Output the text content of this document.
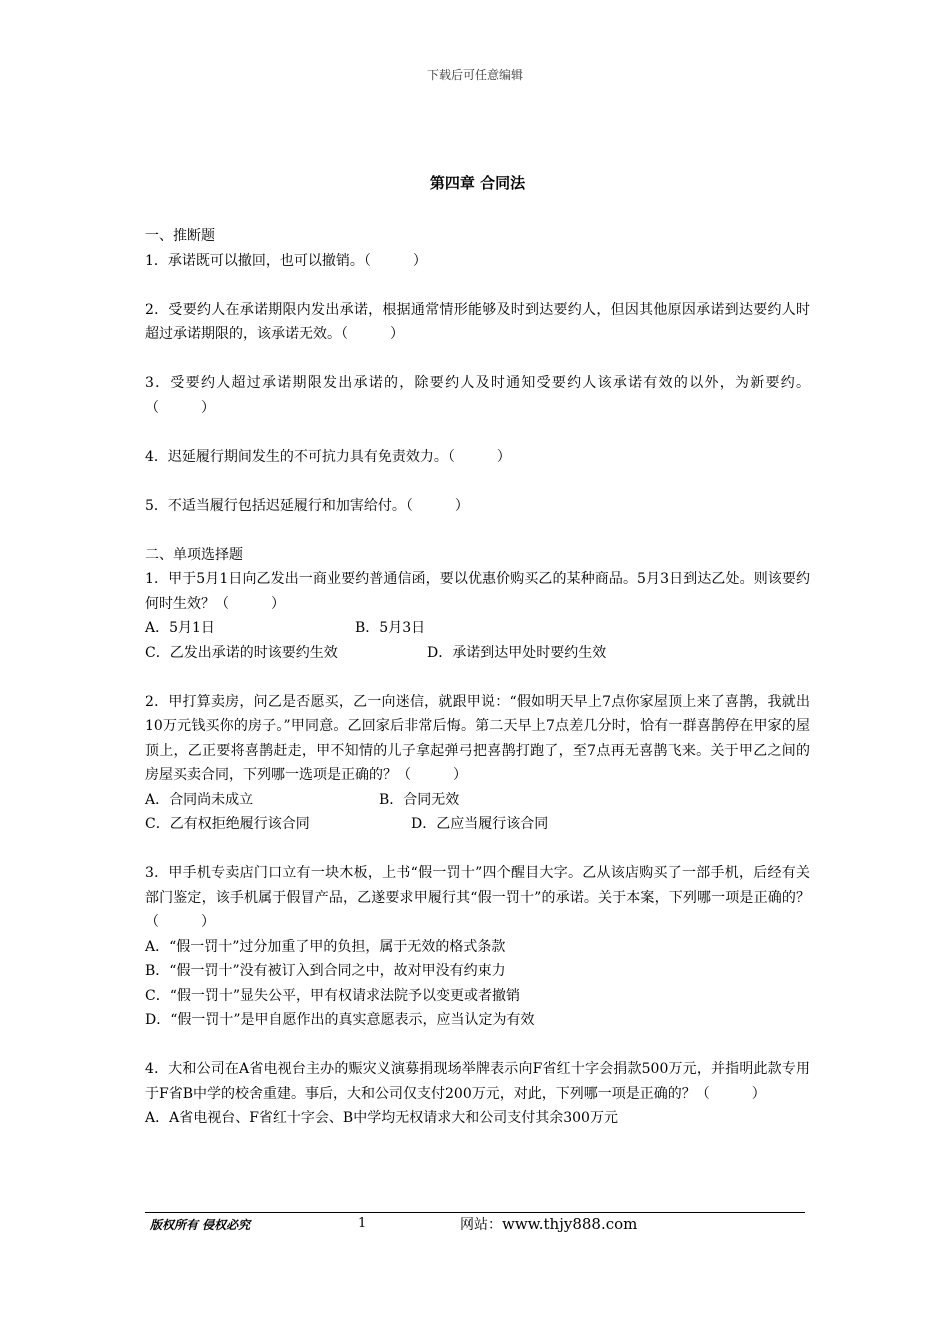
下载后可任意编辑
第四章 合同法

一、推断题

1．承诺既可以撤回，也可以撤销。（　　　）

2．受要约人在承诺期限内发出承诺，根据通常情形能够及时到达要约人，但因其他原因承诺到达要约人时超过承诺期限的，该承诺无效。（　　　）

3．受要约人超过承诺期限发出承诺的，除要约人及时通知受要约人该承诺有效的以外，为新要约。（　　　）

4．迟延履行期间发生的不可抗力具有免责效力。（　　　）

5．不适当履行包括迟延履行和加害给付。（　　　）

二、单项选择题

1．甲于5月1日向乙发出一商业要约普通信函，要以优惠价购买乙的某种商品。5月3日到达乙处。则该要约何时生效？（　　　）

A．5月1日	B．5月3日
C．乙发出承诺的时该要约生效	D．承诺到达甲处时要约生效

2．甲打算卖房，问乙是否愿买，乙一向迷信，就跟甲说：“假如明天早上7点你家屋顶上来了喜鹊，我就出10万元钱买你的房子。”甲同意。乙回家后非常后悔。第二天早上7点差几分时，恰有一群喜鹊停在甲家的屋顶上，乙正要将喜鹊赶走，甲不知情的儿子拿起弹弓把喜鹊打跑了，至7点再无喜鹊飞来。关于甲乙之间的房屋买卖合同，下列哪一选项是正确的？（　　　）

A．合同尚未成立	B．合同无效
C．乙有权拒绝履行该合同	D．乙应当履行该合同

3．甲手机专卖店门口立有一块木板，上书“假一罚十”四个醒目大字。乙从该店购买了一部手机，后经有关部门鉴定，该手机属于假冒产品，乙遂要求甲履行其“假一罚十”的承诺。关于本案，下列哪一项是正确的？（　　　）

A．“假一罚十”过分加重了甲的负担，属于无效的格式条款

B．“假一罚十”没有被订入到合同之中，故对甲没有约束力

C．“假一罚十”显失公平，甲有权请求法院予以变更或者撤销

D．“假一罚十”是甲自愿作出的真实意愿表示，应当认定为有效

4．大和公司在A省电视台主办的赈灾义演募捐现场举牌表示向F省红十字会捐款500万元，并指明此款专用于F省B中学的校舍重建。事后，大和公司仅支付200万元，对此，下列哪一项是正确的？（　　　）

A．A省电视台、F省红十字会、B中学均无权请求大和公司支付其余300万元

版权所有 侵权必究	1	网站：www.thjy888.com
